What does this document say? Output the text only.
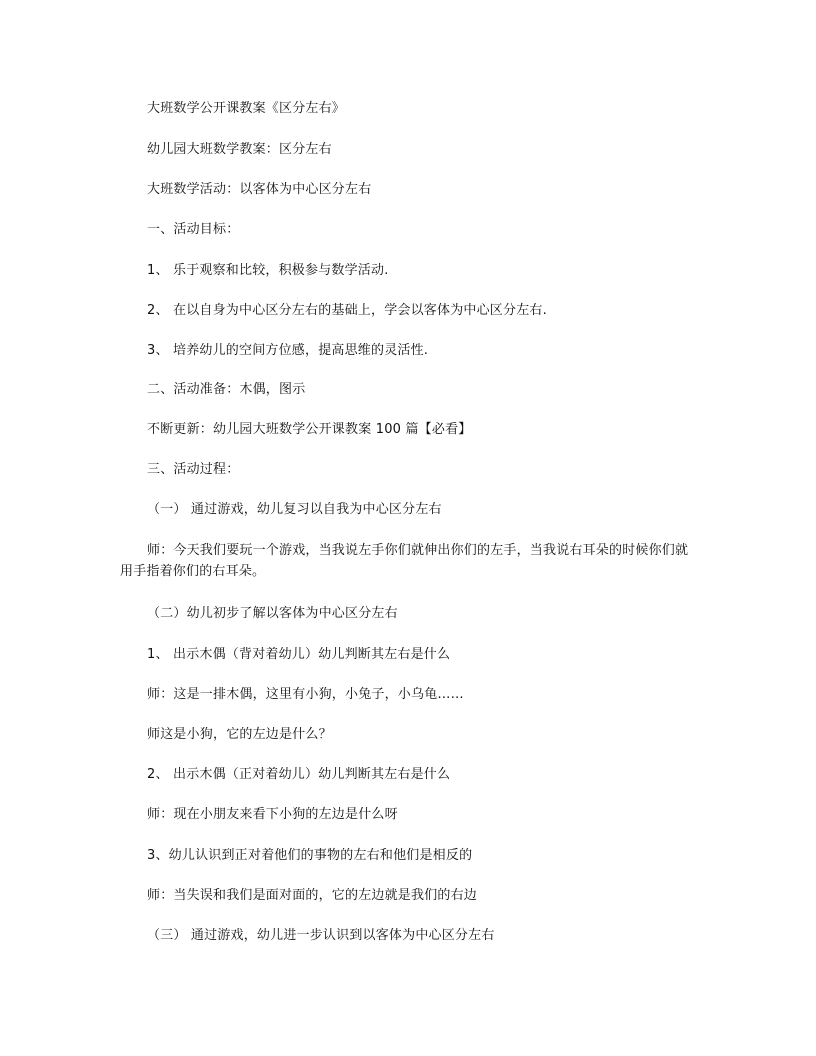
大班数学公开课教案《区分左右》
幼儿园大班数学教案：区分左右
大班数学活动：以客体为中心区分左右
一、活动目标：
1、 乐于观察和比较，积极参与数学活动.
2、 在以自身为中心区分左右的基础上，学会以客体为中心区分左右.
3、 培养幼儿的空间方位感，提高思维的灵活性.
二、活动准备：木偶，图示
不断更新：幼儿园大班数学公开课教案 100 篇【必看】
三、活动过程：
（一） 通过游戏，幼儿复习以自我为中心区分左右
师：今天我们要玩一个游戏，当我说左手你们就伸出你们的左手，当我说右耳朵的时候你们就用手指着你们的右耳朵。
（二）幼儿初步了解以客体为中心区分左右
1、 出示木偶（背对着幼儿）幼儿判断其左右是什么
师：这是一排木偶，这里有小狗，小兔子，小乌龟……
师这是小狗，它的左边是什么？
2、 出示木偶（正对着幼儿）幼儿判断其左右是什么
师：现在小朋友来看下小狗的左边是什么呀
3、幼儿认识到正对着他们的事物的左右和他们是相反的
师：当失误和我们是面对面的，它的左边就是我们的右边
（三） 通过游戏，幼儿进一步认识到以客体为中心区分左右
